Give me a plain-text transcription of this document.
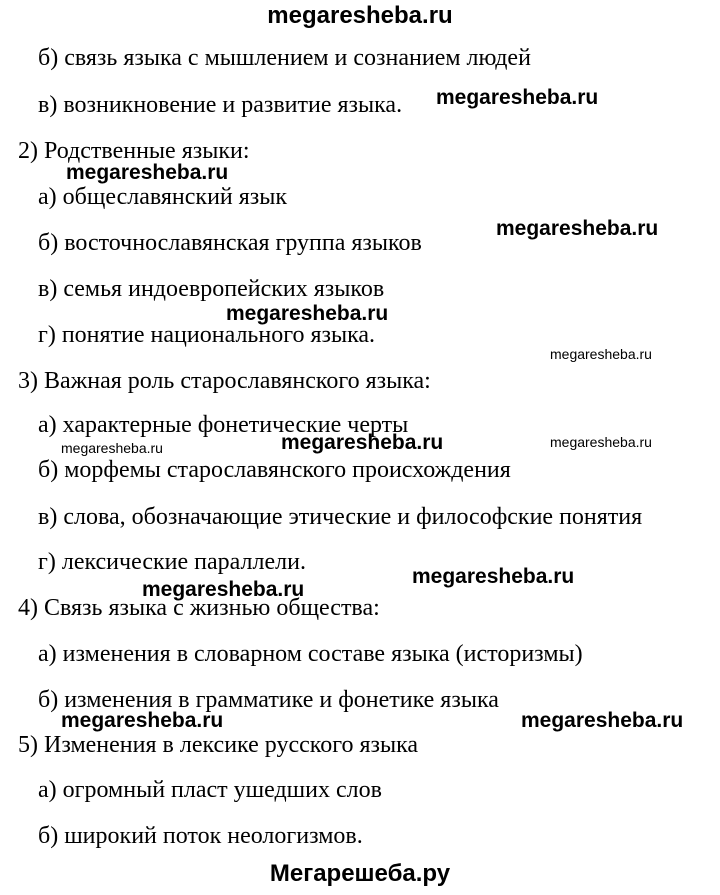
megaresheba.ru
б) связь языка с мышлением и сознанием людей
в) возникновение и развитие языка.
2) Родственные языки:
а) общеславянский язык
б) восточнославянская группа языков
в) семья индоевропейских языков
г) понятие национального языка.
3) Важная роль старославянского языка:
а) характерные фонетические черты
б) морфемы старославянского происхождения
в) слова, обозначающие этические и философские понятия
г) лексические параллели.
4) Связь языка с жизнью общества:
а) изменения в словарном составе языка (историзмы)
б) изменения в грамматике и фонетике языка
5) Изменения в лексике русского языка
а) огромный пласт ушедших слов
б) широкий поток неологизмов.
megaresheba.ru
megaresheba.ru
megaresheba.ru
megaresheba.ru
megaresheba.ru
megaresheba.ru	megaresheba.ru	megaresheba.ru
megaresheba.ru
megaresheba.ru
megaresheba.ru	megaresheba.ru
Мегарешеба.ру
